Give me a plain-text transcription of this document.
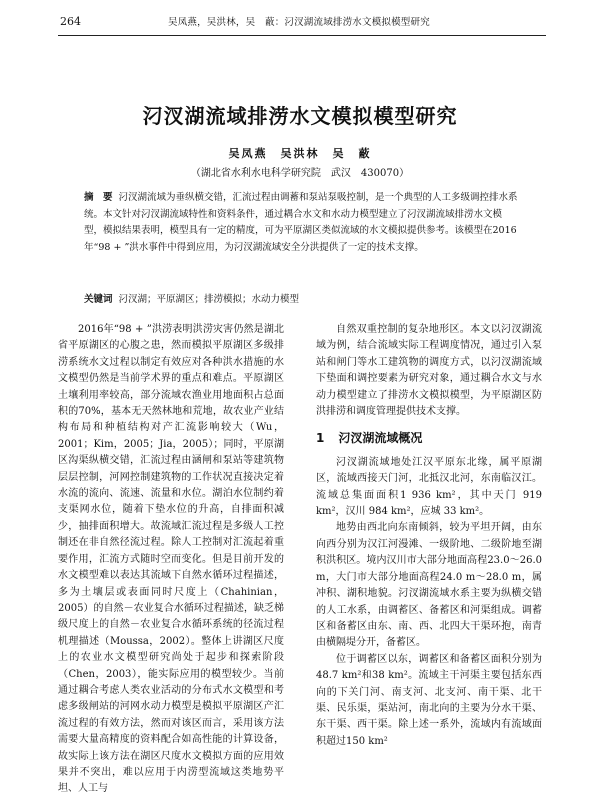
264	吴凤燕，吴洪林，吴　蔽：汈汊湖流域排涝水文模拟模型研究
汈汊湖流域排涝水文模拟模型研究
吴凤燕　吴洪林　吴　蔽
（湖北省水利水电科学研究院　武汉　430070）
摘　要 汈汊湖流域为垂纵横交错，汇流过程由调蓄和泵站泵吸控制，是一个典型的人工多级调控排水系统。本文针对汈汊湖流域特性和资料条件，通过耦合水文和水动力模型建立了汈汊湖流域排涝水文模型，模拟结果表明，模型具有一定的精度，可为平原湖区类似流域的水文模拟提供参考。该模型在2016年“98 + ”洪水事件中得到应用，为汈汊湖流域安全分洪提供了一定的技术支撑。
关键词 汈汊湖；平原湖区；排涝模拟；水动力模型

2016年“98 + ”洪涝表明洪涝灾害仍然是湖北省平原湖区的心腹之患，然而模拟平原湖区多级排涝系统水文过程以制定有效应对各种洪水措施的水文模型仍然是当前学术界的重点和难点。平原湖区土壤利用率较高，部分流域农渔业用地面积占总面积的70%，基本无天然林地和荒地，故农业产业结构布局和种植结构对产汇流影响较大（Wu，2001；Kim，2005；Jia，2005）；同时，平原湖区沟渠纵横交错，汇流过程由涵闸和泵站等建筑物层层控制，河网控制建筑物的工作状况直接决定着水流的流向、流速、流量和水位。湖泊水位制约着支渠网水位，随着下垫水位的升高，自排面积减少，抽排面积增大。故流域汇流过程是多级人工控制还在非自然径流过程。除人工控制对汇流起着重要作用，汇流方式随时空而变化。但是目前开发的水文模型难以表达其流域下自然水循环过程描述，多为土壤层或表面同时尺度上（Chahinian，2005）的自然－农业复合水循环过程描述，缺乏梯级尺度上的自然－农业复合水循环系统的径流过程机理描述（Moussa，2002）。整体上讲湖区尺度上的农业水文模型研究尚处于起步和探索阶段（Chen，2003），能实际应用的模型较少。当前通过耦合考虑人类农业活动的分布式水文模型和考虑多级闸站的河网水动力模型是模拟平原湖区产汇流过程的有效方法，然而对该区而言，采用该方法需要大量高精度的资料配合如高性能的计算设备，故实际上该方法在湖区尺度水文模拟方面的应用效果并不突出，难以应用于内涝型流域这类地势平坦、人工与

自然双重控制的复杂地形区。本文以汈汊湖流域为例，结合流域实际工程调度情况，通过引入泵站和闸门等水工建筑物的调度方式，以汈汊湖流域下垫面和调控要素为研究对象，通过耦合水文与水动力模型建立了排涝水文模拟模型，为平原湖区防洪排涝和调度管理提供技术支撑。

1 汈汊湖流域概况

汈汊湖流域地处江汉平原东北缘，属平原湖区，流域西接天门河，北抵汉北河，东南临汉江。流域总集面面积1 936 km²，其中天门 919 km²，汉川 984 km²，应城 33 km²。

地势由西北向东南倾斜，较为平坦开阔，由东向西分别为汉江河漫滩、一级阶地、二级阶地至湖积洪积区。境内汉川市大部分地面高程23.0～26.0 m，大门市大部分地面高程24.0 m～28.0 m，属冲积、湖积地貌。汈汊湖流域水系主要为纵横交错的人工水系，由调蓄区、备蓄区和河渠组成。调蓄区和备蓄区由东、南、西、北四大干渠环抱，南青由横隔堤分开，备蓄区。

位于调蓄区以东，调蓄区和备蓄区面积分别为48.7 km²和38 km²。流域主干河渠主要包括东西向的下关门河、南支河、北支河、南干渠、北干渠、民乐渠，渠站河，南北向的主要为分水干渠、东干渠、西干渠。除上述一系外，流域内有流域面积超过150 km²
